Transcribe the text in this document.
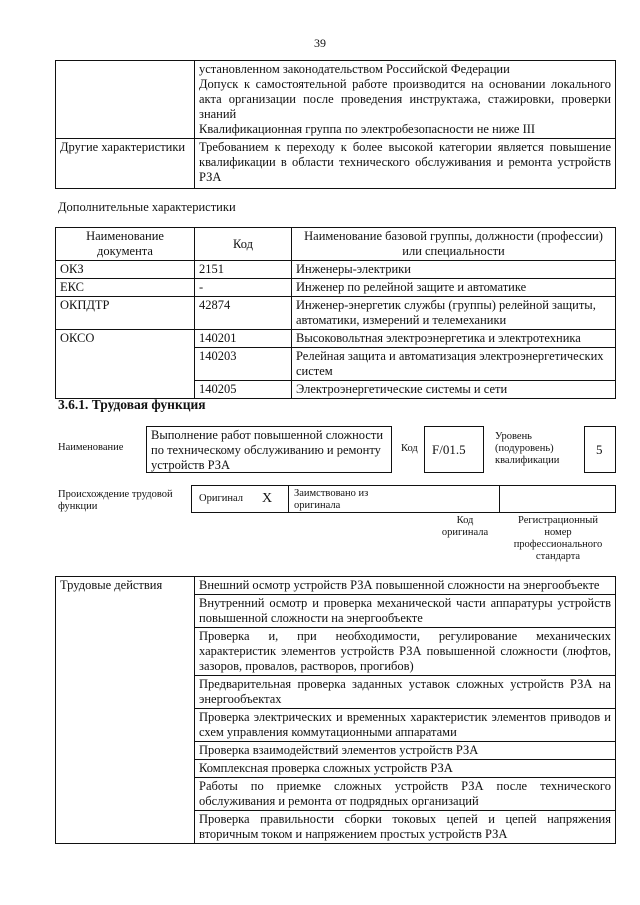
39

	установленном законодательством Российской Федерации

Допуск к самостоятельной работе производится на основании локального акта организации после проведения инструктажа, стажировки, проверки знаний

Квалификационная группа по электробезопасности не ниже III

Другие характеристики	Требованием к переходу к более высокой категории является повышение квалификации в области технического обслуживания и ремонта устройств РЗА
Дополнительные характеристики
Наименование документа	Код	Наименование базовой группы, должности (профессии) или специальности
ОКЗ	2151	Инженеры-электрики
ЕКС	-	Инженер по релейной защите и автоматике
ОКПДТР	42874	Инженер-энергетик службы (группы) релейной защиты, автоматики, измерений и телемеханики
ОКСО	140201	Высоковольтная электроэнергетика и электротехника
	140203	Релейная защита и автоматизация электроэнергетических систем
	140205	Электроэнергетические системы и сети
3.6.1. Трудовая функция
Наименование
Выполнение работ повышенной сложности по техническому обслуживанию и ремонту устройств РЗА
Код F/01.5
Уровень (подуровень) квалификации
5
Происхождение трудовой функции
Оригинал X Заимствовано из оригинала
Код оригинала
Регистрационный номер профессионального стандарта
Трудовые действия	Внешний осмотр устройств РЗА повышенной сложности на энергообъекте
Внутренний осмотр и проверка механической части аппаратуры устройств повышенной сложности на энергообъекте
Проверка и, при необходимости, регулирование механических характеристик элементов устройств РЗА повышенной сложности (люфтов, зазоров, провалов, растворов, прогибов)
Предварительная проверка заданных уставок сложных устройств РЗА на энергообъектах
Проверка электрических и временных характеристик элементов приводов и схем управления коммутационными аппаратами
Проверка взаимодействий элементов устройств РЗА
Комплексная проверка сложных устройств РЗА
Работы по приемке сложных устройств РЗА после технического обслуживания и ремонта от подрядных организаций
Проверка правильности сборки токовых цепей и цепей напряжения вторичным током и напряжением простых устройств РЗА
